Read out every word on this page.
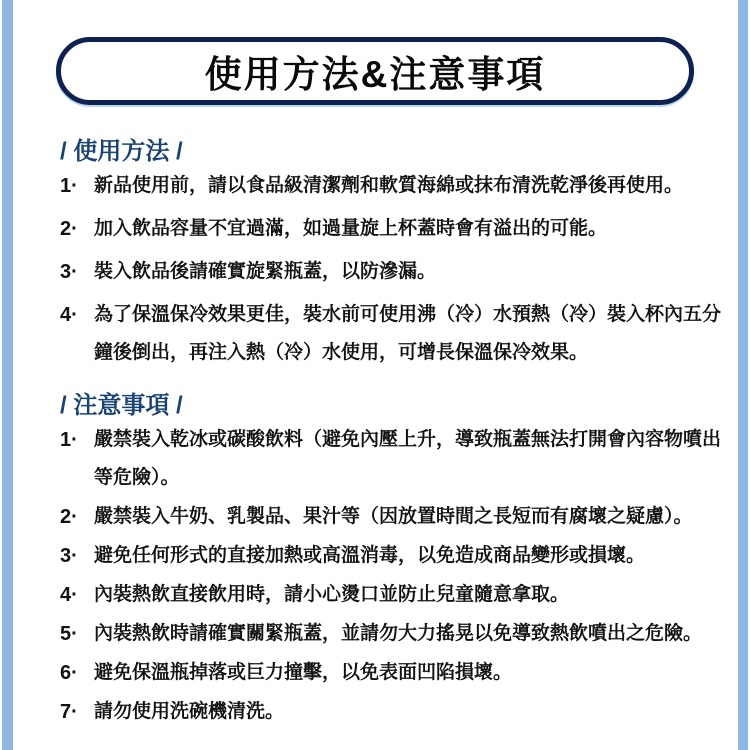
使用方法&注意事項
/ 使用方法 /
1· 新品使用前，請以食品級清潔劑和軟質海綿或抹布清洗乾淨後再使用。
2· 加入飲品容量不宜過滿，如過量旋上杯蓋時會有溢出的可能。
3· 裝入飲品後請確實旋緊瓶蓋，以防滲漏。
4· 為了保溫保冷效果更佳，裝水前可使用沸（冷）水預熱（冷）裝入杯內五分
鐘後倒出，再注入熱（冷）水使用，可增長保溫保冷效果。
/ 注意事項 /
1· 嚴禁裝入乾冰或碳酸飲料（避免內壓上升，導致瓶蓋無法打開會內容物噴出
等危險）。
2· 嚴禁裝入牛奶、乳製品、果汁等（因放置時間之長短而有腐壞之疑慮）。
3· 避免任何形式的直接加熱或高溫消毒，以免造成商品變形或損壞。
4· 內裝熱飲直接飲用時，請小心燙口並防止兒童隨意拿取。
5· 內裝熱飲時請確實關緊瓶蓋，並請勿大力搖晃以免導致熱飲噴出之危險。
6· 避免保溫瓶掉落或巨力撞擊，以免表面凹陷損壞。
7· 請勿使用洗碗機清洗。
